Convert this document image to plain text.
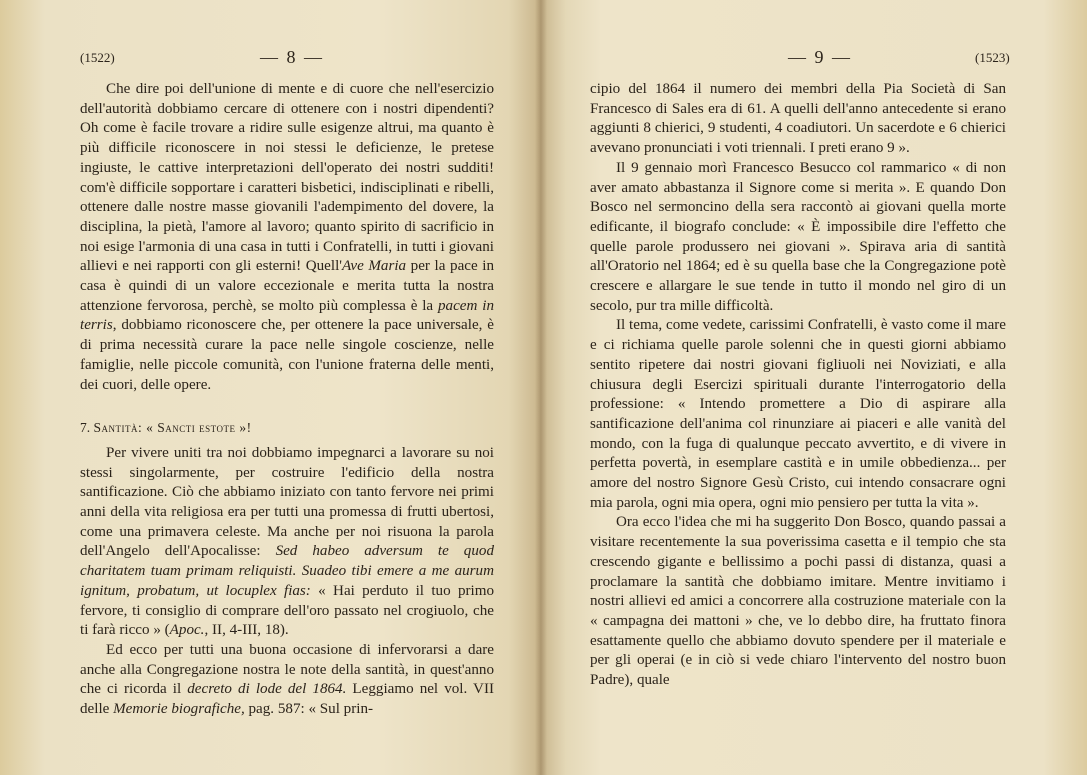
(1522)	— 8 —

Che dire poi dell'unione di mente e di cuore che nell'esercizio dell'autorità dobbiamo cercare di ottenere con i nostri dipendenti? Oh come è facile trovare a ridire sulle esigenze altrui, ma quanto è più difficile riconoscere in noi stessi le deficienze, le pretese ingiuste, le cattive interpretazioni dell'operato dei nostri sudditi! com'è difficile sopportare i caratteri bisbetici, indisciplinati e ribelli, ottenere dalle nostre masse giovanili l'adempimento del dovere, la disciplina, la pietà, l'amore al lavoro; quanto spirito di sacrificio in noi esige l'armonia di una casa in tutti i Confratelli, in tutti i giovani allievi e nei rapporti con gli esterni! Quell'Ave Maria per la pace in casa è quindi di un valore eccezionale e merita tutta la nostra attenzione fervorosa, perchè, se molto più complessa è la pacem in terris, dobbiamo riconoscere che, per ottenere la pace universale, è di prima necessità curare la pace nelle singole coscienze, nelle famiglie, nelle piccole comunità, con l'unione fraterna delle menti, dei cuori, delle opere.

7. Santità: « Sancti estote »!

Per vivere uniti tra noi dobbiamo impegnarci a lavorare su noi stessi singolarmente, per costruire l'edificio della nostra santificazione. Ciò che abbiamo iniziato con tanto fervore nei primi anni della vita religiosa era per tutti una promessa di frutti ubertosi, come una primavera celeste. Ma anche per noi risuona la parola dell'Angelo dell'Apocalisse: Sed habeo adversum te quod charitatem tuam primam reliquisti. Suadeo tibi emere a me aurum ignitum, probatum, ut locuplex fias: « Hai perduto il tuo primo fervore, ti consiglio di comprare dell'oro passato nel crogiuolo, che ti farà ricco » (Apoc., II, 4-III, 18).

Ed ecco per tutti una buona occasione di infervorarsi a dare anche alla Congregazione nostra le note della santità, in quest'anno che ci ricorda il decreto di lode del 1864. Leggiamo nel vol. VII delle Memorie biografiche, pag. 587: « Sul prin-

— 9 —	(1523)

cipio del 1864 il numero dei membri della Pia Società di San Francesco di Sales era di 61. A quelli dell'anno antecedente si erano aggiunti 8 chierici, 9 studenti, 4 coadiutori. Un sacerdote e 6 chierici avevano pronunciati i voti triennali. I preti erano 9 ».

Il 9 gennaio morì Francesco Besucco col rammarico « di non aver amato abbastanza il Signore come si merita ». E quando Don Bosco nel sermoncino della sera raccontò ai giovani quella morte edificante, il biografo conclude: « È impossibile dire l'effetto che quelle parole produssero nei giovani ». Spirava aria di santità all'Oratorio nel 1864; ed è su quella base che la Congregazione potè crescere e allargare le sue tende in tutto il mondo nel giro di un secolo, pur tra mille difficoltà.

Il tema, come vedete, carissimi Confratelli, è vasto come il mare e ci richiama quelle parole solenni che in questi giorni abbiamo sentito ripetere dai nostri giovani figliuoli nei Noviziati, e alla chiusura degli Esercizi spirituali durante l'interrogatorio della professione: « Intendo promettere a Dio di aspirare alla santificazione dell'anima col rinunziare ai piaceri e alle vanità del mondo, con la fuga di qualunque peccato avvertito, e di vivere in perfetta povertà, in esemplare castità e in umile obbedienza... per amore del nostro Signore Gesù Cristo, cui intendo consacrare ogni mia parola, ogni mia opera, ogni mio pensiero per tutta la vita ».

Ora ecco l'idea che mi ha suggerito Don Bosco, quando passai a visitare recentemente la sua poverissima casetta e il tempio che sta crescendo gigante e bellissimo a pochi passi di distanza, quasi a proclamare la santità che dobbiamo imitare. Mentre invitiamo i nostri allievi ed amici a concorrere alla costruzione materiale con la « campagna dei mattoni » che, ve lo debbo dire, ha fruttato finora esattamente quello che abbiamo dovuto spendere per il materiale e per gli operai (e in ciò si vede chiaro l'intervento del nostro buon Padre), quale
